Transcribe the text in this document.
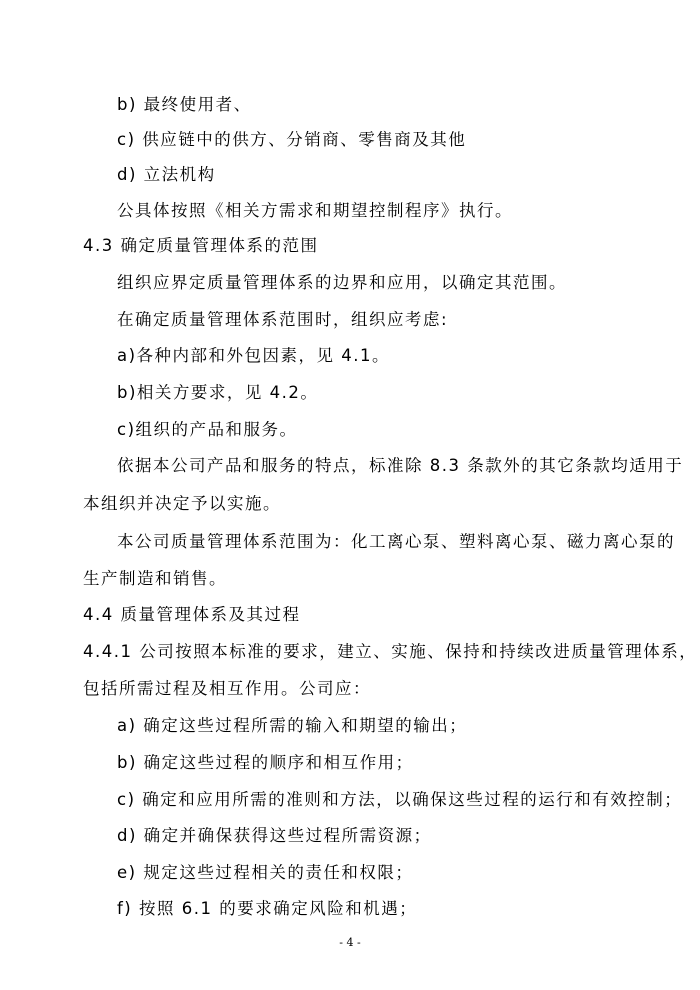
b) 最终使用者、
c) 供应链中的供方、分销商、零售商及其他
d) 立法机构
公具体按照《相关方需求和期望控制程序》执行。
4.3 确定质量管理体系的范围
组织应界定质量管理体系的边界和应用，以确定其范围。
在确定质量管理体系范围时，组织应考虑:
a)各种内部和外包因素，见 4.1。
b)相关方要求，见 4.2。
c)组织的产品和服务。
依据本公司产品和服务的特点，标准除 8.3 条款外的其它条款均适用于
本组织并决定予以实施。
本公司质量管理体系范围为：化工离心泵、塑料离心泵、磁力离心泵的
生产制造和销售。
4.4 质量管理体系及其过程
4.4.1 公司按照本标准的要求，建立、实施、保持和持续改进质量管理体系，
包括所需过程及相互作用。公司应：
a) 确定这些过程所需的输入和期望的输出；
b) 确定这些过程的顺序和相互作用；
c) 确定和应用所需的准则和方法，以确保这些过程的运行和有效控制；
d) 确定并确保获得这些过程所需资源；
e) 规定这些过程相关的责任和权限；
f) 按照 6.1 的要求确定风险和机遇；
- 4 -
